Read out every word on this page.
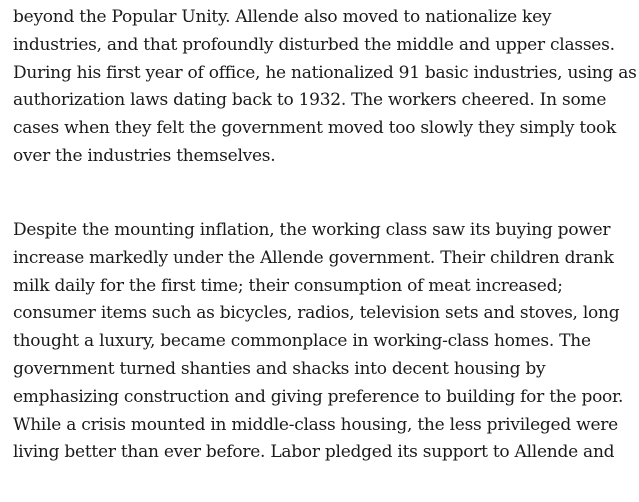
beyond the Popular Unity. Allende also moved to nationalize key
industries, and that profoundly disturbed the middle and upper classes.
During his first year of office, he nationalized 91 basic industries, using as
authorization laws dating back to 1932. The workers cheered. In some
cases when they felt the government moved too slowly they simply took
over the industries themselves.

Despite the mounting inflation, the working class saw its buying power
increase markedly under the Allende government. Their children drank
milk daily for the first time; their consumption of meat increased;
consumer items such as bicycles, radios, television sets and stoves, long
thought a luxury, became commonplace in working-class homes. The
government turned shanties and shacks into decent housing by
emphasizing construction and giving preference to building for the poor.
While a crisis mounted in middle-class housing, the less privileged were
living better than ever before. Labor pledged its support to Allende and
